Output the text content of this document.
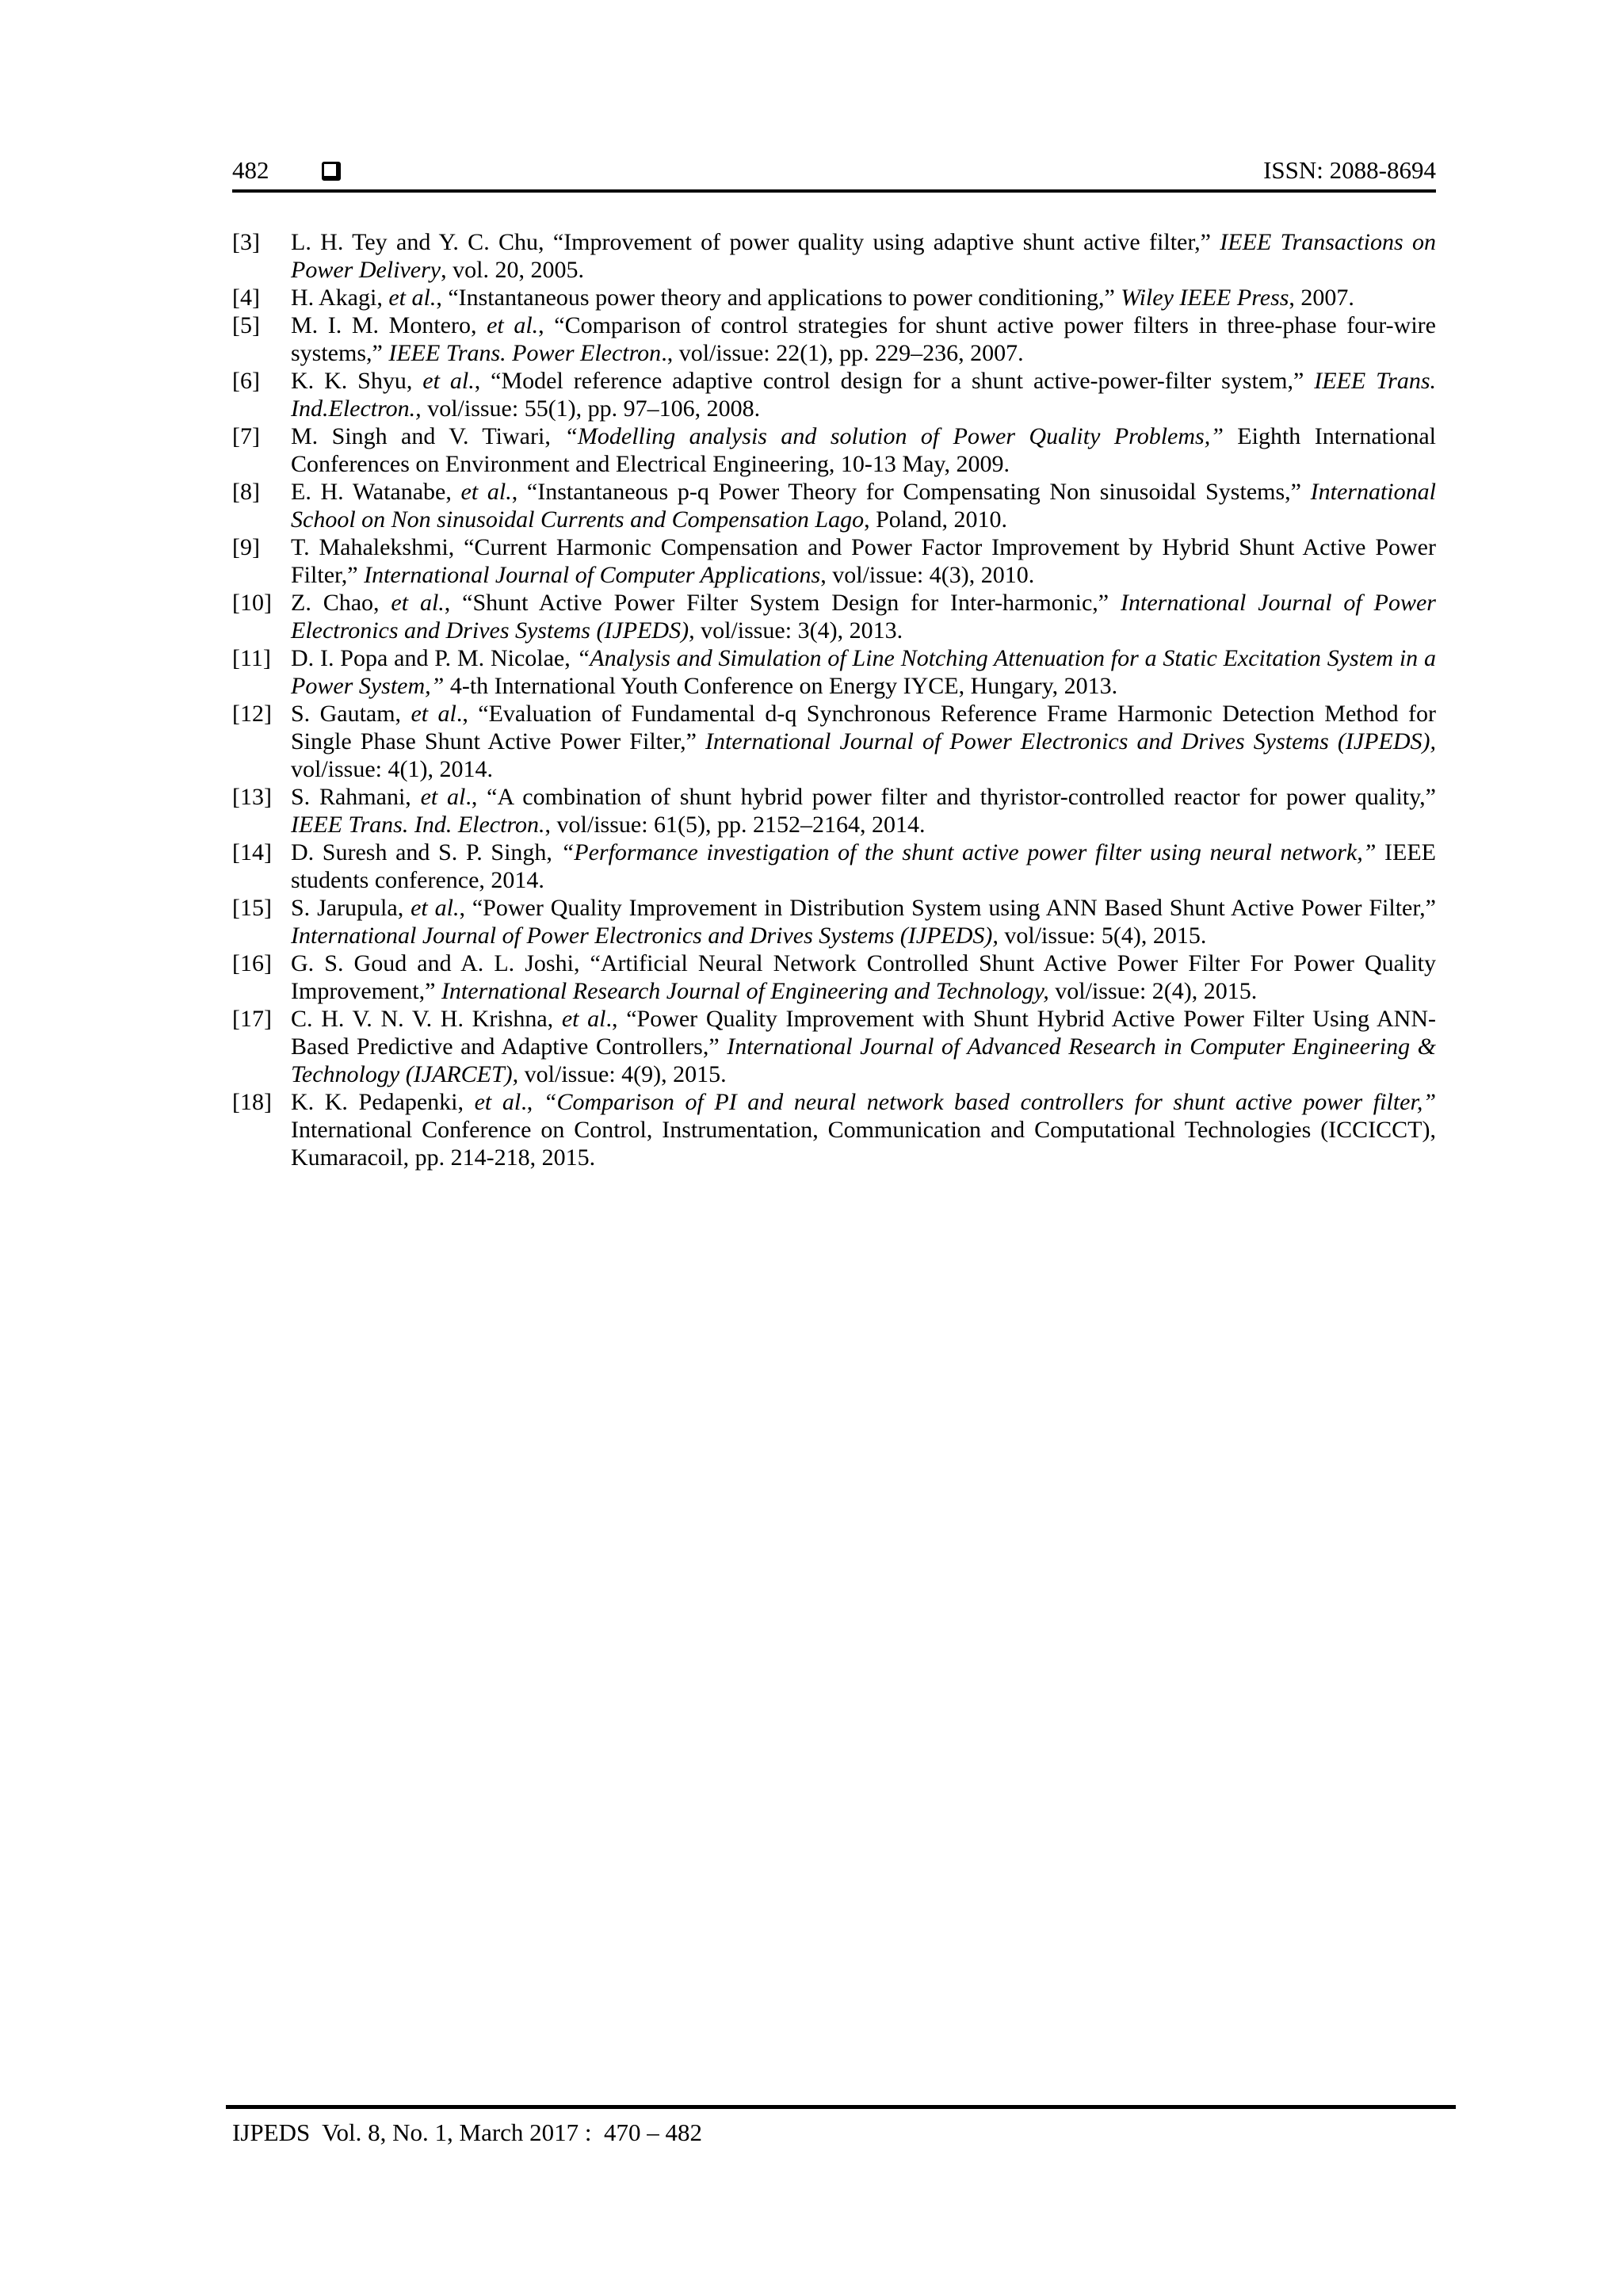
482	ISSN: 2088-8694
[3] L. H. Tey and Y. C. Chu, “Improvement of power quality using adaptive shunt active filter,” IEEE Transactions on Power Delivery, vol. 20, 2005.
[4] H. Akagi, et al., “Instantaneous power theory and applications to power conditioning,” Wiley IEEE Press, 2007.
[5] M. I. M. Montero, et al., “Comparison of control strategies for shunt active power filters in three-phase four-wire systems,” IEEE Trans. Power Electron., vol/issue: 22(1), pp. 229–236, 2007.
[6] K. K. Shyu, et al., “Model reference adaptive control design for a shunt active-power-filter system,” IEEE Trans. Ind.Electron., vol/issue: 55(1), pp. 97–106, 2008.
[7] M. Singh and V. Tiwari, “Modelling analysis and solution of Power Quality Problems,” Eighth International Conferences on Environment and Electrical Engineering, 10-13 May, 2009.
[8] E. H. Watanabe, et al., “Instantaneous p-q Power Theory for Compensating Non sinusoidal Systems,” International School on Non sinusoidal Currents and Compensation Lago, Poland, 2010.
[9] T. Mahalekshmi, “Current Harmonic Compensation and Power Factor Improvement by Hybrid Shunt Active Power Filter,” International Journal of Computer Applications, vol/issue: 4(3), 2010.
[10] Z. Chao, et al., “Shunt Active Power Filter System Design for Inter-harmonic,” International Journal of Power Electronics and Drives Systems (IJPEDS), vol/issue: 3(4), 2013.
[11] D. I. Popa and P. M. Nicolae, “Analysis and Simulation of Line Notching Attenuation for a Static Excitation System in a Power System,” 4-th International Youth Conference on Energy IYCE, Hungary, 2013.
[12] S. Gautam, et al., “Evaluation of Fundamental d-q Synchronous Reference Frame Harmonic Detection Method for Single Phase Shunt Active Power Filter,” International Journal of Power Electronics and Drives Systems (IJPEDS), vol/issue: 4(1), 2014.
[13] S. Rahmani, et al., “A combination of shunt hybrid power filter and thyristor-controlled reactor for power quality,” IEEE Trans. Ind. Electron., vol/issue: 61(5), pp. 2152–2164, 2014.
[14] D. Suresh and S. P. Singh, “Performance investigation of the shunt active power filter using neural network,” IEEE students conference, 2014.
[15] S. Jarupula, et al., “Power Quality Improvement in Distribution System using ANN Based Shunt Active Power Filter,” International Journal of Power Electronics and Drives Systems (IJPEDS), vol/issue: 5(4), 2015.
[16] G. S. Goud and A. L. Joshi, “Artificial Neural Network Controlled Shunt Active Power Filter For Power Quality Improvement,” International Research Journal of Engineering and Technology, vol/issue: 2(4), 2015.
[17] C. H. V. N. V. H. Krishna, et al., “Power Quality Improvement with Shunt Hybrid Active Power Filter Using ANN-Based Predictive and Adaptive Controllers,” International Journal of Advanced Research in Computer Engineering & Technology (IJARCET), vol/issue: 4(9), 2015.
[18] K. K. Pedapenki, et al., “Comparison of PI and neural network based controllers for shunt active power filter,” International Conference on Control, Instrumentation, Communication and Computational Technologies (ICCICCT), Kumaracoil, pp. 214-218, 2015.
IJPEDS  Vol. 8, No. 1, March 2017 :  470 – 482
